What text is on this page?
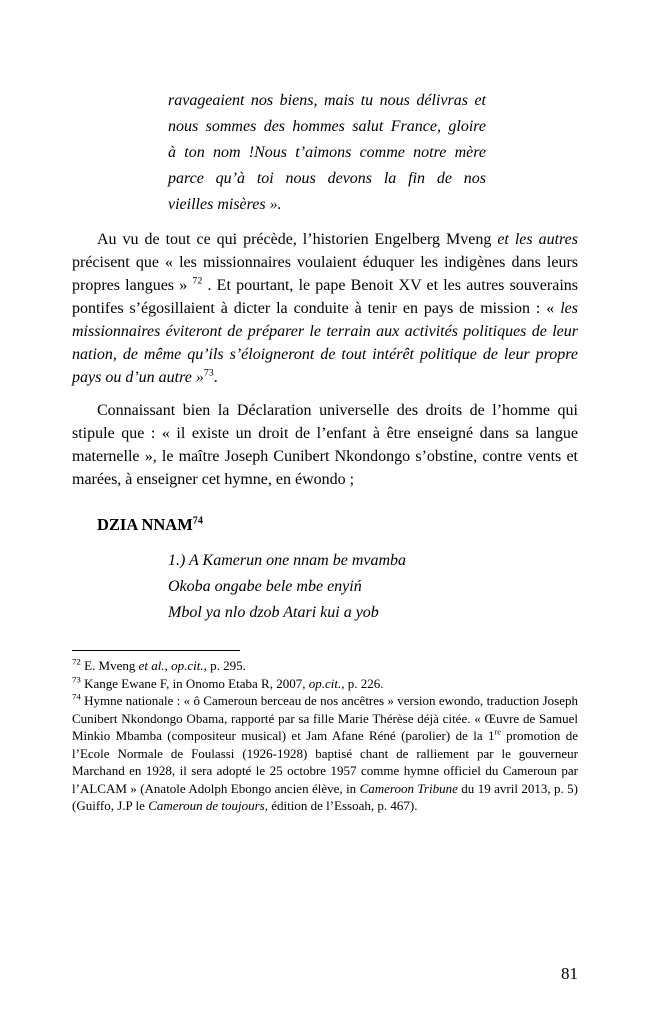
ravageaient nos biens, mais tu nous délivras et
nous sommes des hommes salut France, gloire
à ton nom !Nous t’aimons comme notre mère
parce qu’à toi nous devons la fin de nos
vieilles misères ».

Au vu de tout ce qui précède, l’historien Engelberg Mveng et les autres précisent que « les missionnaires voulaient éduquer les indigènes dans leurs propres langues » $^{72}$ . Et pourtant, le pape Benoit XV et les autres souverains pontifes s’égosillaient à dicter la conduite à tenir en pays de mission : « les missionnaires éviteront de préparer le terrain aux activités politiques de leur nation, de même qu’ils s’éloigneront de tout intérêt politique de leur propre pays ou d’un autre »$^{73}$.

Connaissant bien la Déclaration universelle des droits de l’homme qui stipule que : « il existe un droit de l’enfant à être enseigné dans sa langue maternelle », le maître Joseph Cunibert Nkondongo s’obstine, contre vents et marées, à enseigner cet hymne, en éwondo ;

DZIA NNAM$^{74}$
1.) A Kamerun one nnam be mvamba
Okoba ongabe bele mbe enyiń
Mbol ya nlo dzob Atari kui a yob

$^{72}$ E. Mveng et al., op.cit., p. 295.

$^{73}$ Kange Ewane F, in Onomo Etaba R, 2007, op.cit., p. 226.

$^{74}$ Hymne nationale : « ô Cameroun berceau de nos ancêtres » version ewondo, traduction Joseph Cunibert Nkondongo Obama, rapporté par sa fille Marie Thérèse déjà citée. « Œuvre de Samuel Minkio Mbamba (compositeur musical) et Jam Afane Réné (parolier) de la 1re promotion de l’Ecole Normale de Foulassi (1926-1928) baptisé chant de ralliement par le gouverneur Marchand en 1928, il sera adopté le 25 octobre 1957 comme hymne officiel du Cameroun par l’ALCAM » (Anatole Adolph Ebongo ancien élève, in Cameroon Tribune du 19 avril 2013, p. 5) (Guiffo, J.P le Cameroun de toujours, édition de l’Essoah, p. 467).

81
